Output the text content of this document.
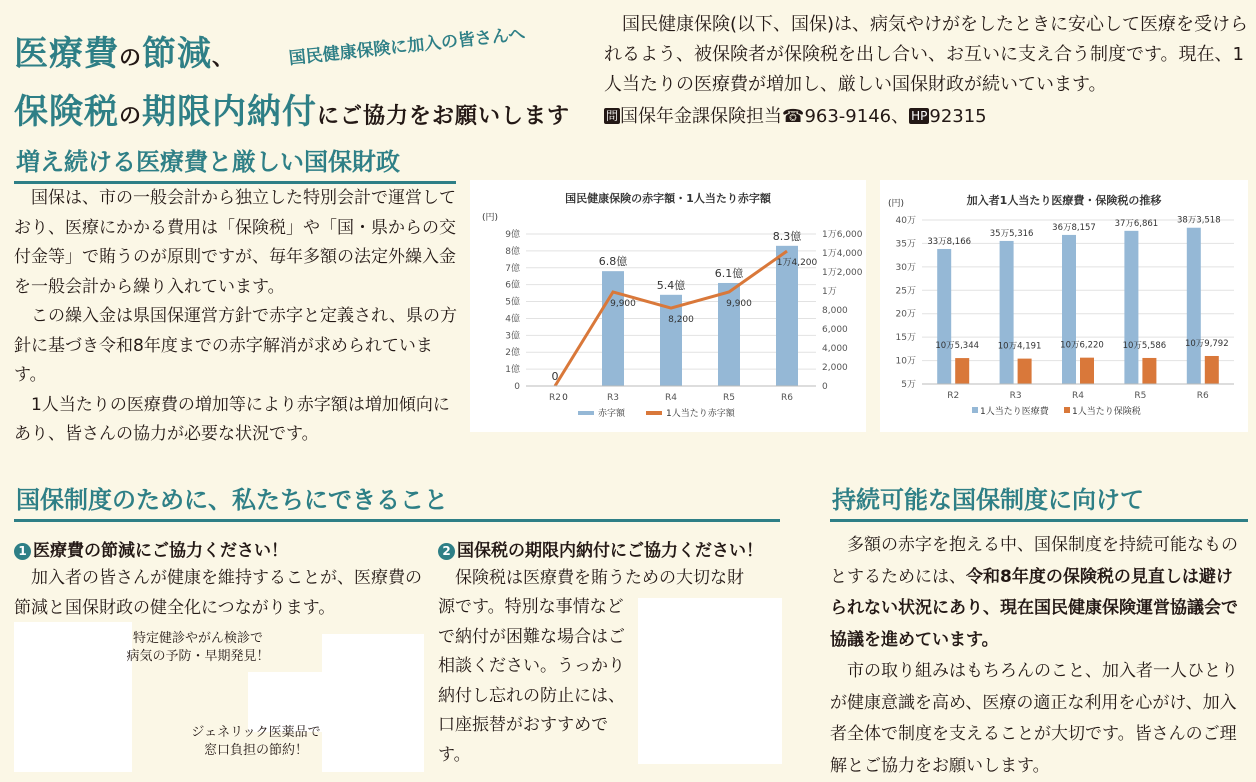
医療費の節減、	国民健康保険に加入の皆さんへ
保険税の期限内納付にご協力をお願いします
国民健康保険(以下、国保)は、病気やけがをしたときに安心して医療を受けられるよう、被保険者が保険税を出し合い、お互いに支え合う制度です。現在、1人当たりの医療費が増加し、厳しい国保財政が続いています。
問 国保年金課保険担当☎963-9146、 HP 92315
増え続ける医療費と厳しい国保財政

国保は、市の一般会計から独立した特別会計で運営しており、医療にかかる費用は「保険税」や「国・県からの交付金等」で賄うのが原則ですが、毎年多額の法定外繰入金を一般会計から繰り入れています。

この繰入金は県国保運営方針で赤字と定義され、県の方針に基づき令和8年度までの赤字解消が求められています。

1人当たりの医療費の増加等により赤字額は増加傾向にあり、皆さんの協力が必要な状況です。

国民健康保険の赤字額・1人当たり赤字額
(円)
0
1億
2億
3億
4億
5億
6億
7億
8億
9億
0
2,000
4,000
6,000
8,000
1万
1万2,000
1万4,000
1万6,000
0
R2
6.8億
R3
5.4億
R4
6.1億
R5
8.3億
R6
0
9,900
8,200
9,900
1万4,200
赤字額	1人当たり赤字額
加入者1人当たり医療費・保険税の推移
(円)
5万
10万
15万
20万
25万
30万
35万
40万
33万8,166
10万5,344
R2
35万5,316
10万4,191
R3
36万8,157
10万6,220
R4
37万6,861
10万5,586
R5
38万3,518
10万9,792
R6
1人当たり医療費	1人当たり保険税
国保制度のために、私たちにできること
1 医療費の節減にご協力ください！
加入者の皆さんが健康を維持することが、医療費の節減と国保財政の健全化につながります。
特定健診やがん検診で
病気の予防・早期発見！
ジェネリック医薬品で
窓口負担の節約！
2 国保税の期限内納付にご協力ください！
保険税は医療費を賄うための大切な財
源です。特別な事情などで納付が困難な場合はご相談ください。うっかり納付し忘れの防止には、口座振替がおすすめです。
持続可能な国保制度に向けて

多額の赤字を抱える中、国保制度を持続可能なものとするためには、令和8年度の保険税の見直しは避けられない状況にあり、現在国民健康保険運営協議会で協議を進めています。

市の取り組みはもちろんのこと、加入者一人ひとりが健康意識を高め、医療の適正な利用を心がけ、加入者全体で制度を支えることが大切です。皆さんのご理解とご協力をお願いします。
